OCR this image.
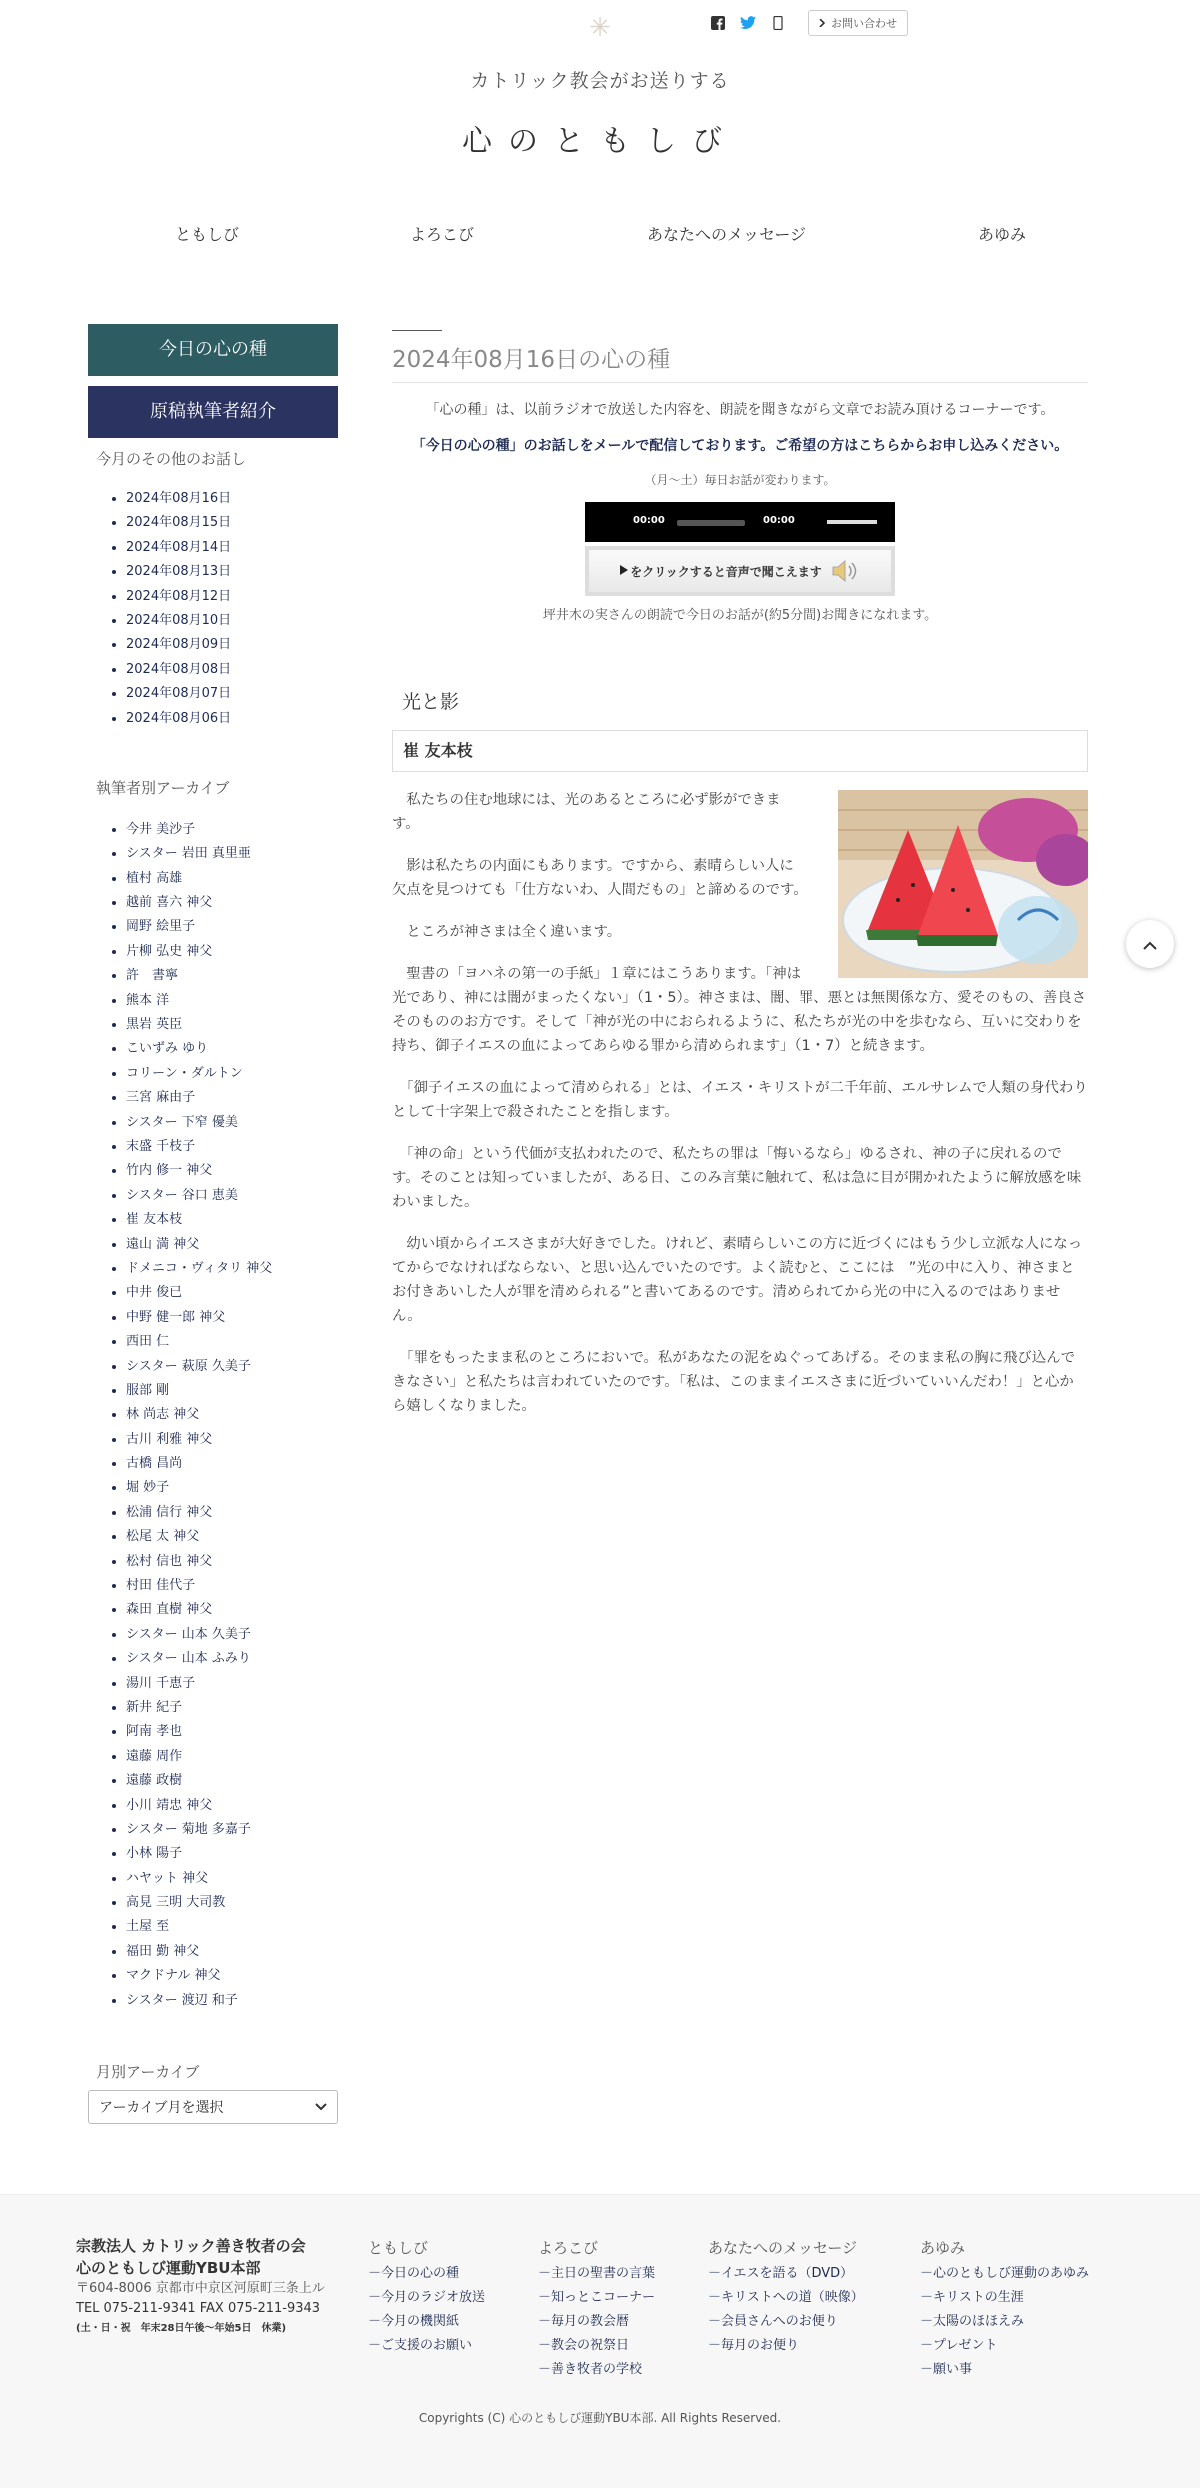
✳	お問い合わせ
カトリック教会がお送りする
心のともしび
ともしび	よろこび	あなたへのメッセージ	あゆみ
今日の心の種
原稿執筆者紹介
今月のその他のお話し
• 2024年08月16日
• 2024年08月15日
• 2024年08月14日
• 2024年08月13日
• 2024年08月12日
• 2024年08月10日
• 2024年08月09日
• 2024年08月08日
• 2024年08月07日
• 2024年08月06日
執筆者別アーカイブ
• 今井 美沙子
• シスター 岩田 真里亜
• 植村 高雄
• 越前 喜六 神父
• 岡野 絵里子
• 片柳 弘史 神父
• 許　書寧
• 熊本 洋
• 黒岩 英臣
• こいずみ ゆり
• コリーン・ダルトン
• 三宮 麻由子
• シスター 下窄 優美
• 末盛 千枝子
• 竹内 修一 神父
• シスター 谷口 恵美
• 崔 友本枝
• 遠山 満 神父
• ドメニコ・ヴィタリ 神父
• 中井 俊已
• 中野 健一郎 神父
• 西田 仁
• シスター 萩原 久美子
• 服部 剛
• 林 尚志 神父
• 古川 利雅 神父
• 古橋 昌尚
• 堀 妙子
• 松浦 信行 神父
• 松尾 太 神父
• 松村 信也 神父
• 村田 佳代子
• 森田 直樹 神父
• シスター 山本 久美子
• シスター 山本 ふみり
• 湯川 千恵子
• 新井 紀子
• 阿南 孝也
• 遠藤 周作
• 遠藤 政樹
• 小川 靖忠 神父
• シスター 菊地 多嘉子
• 小林 陽子
• ハヤット 神父
• 高見 三明 大司教
• 土屋 至
• 福田 勤 神父
• マクドナル 神父
• シスター 渡辺 和子
月別アーカイブ
アーカイブ月を選択
2024年08月16日の心の種

「心の種」は、以前ラジオで放送した内容を、朗読を聞きながら文章でお読み頂けるコーナーです。

「今日の心の種」のお話しをメールで配信しております。ご希望の方はこちらからお申し込みください。

（月〜土）毎日お話が変わります。

00:00	00:00
をクリックすると音声で聞こえます

坪井木の実さんの朗読で今日のお話が(約5分間)お聞きになれます。

光と影
崔 友本枝

　私たちの住む地球には、光のあるところに必ず影ができます。

　影は私たちの内面にもあります。ですから、素晴らしい人に欠点を見つけても「仕方ないわ、人間だもの」と諦めるのです。

　ところが神さまは全く違います。

　聖書の「ヨハネの第一の手紙」１章にはこうあります。「神は光であり、神には闇がまったくない」（1・5）。神さまは、闇、罪、悪とは無関係な方、愛そのもの、善良さそのもののお方です。そして「神が光の中におられるように、私たちが光の中を歩むなら、互いに交わりを持ち、御子イエスの血によってあらゆる罪から清められます」（1・7）と続きます。

　「御子イエスの血によって清められる」とは、イエス・キリストが二千年前、エルサレムで人類の身代わりとして十字架上で殺されたことを指します。

　「神の命」という代価が支払われたので、私たちの罪は「悔いるなら」ゆるされ、神の子に戻れるのです。そのことは知っていましたが、ある日、このみ言葉に触れて、私は急に目が開かれたように解放感を味わいました。

　幼い頃からイエスさまが大好きでした。けれど、素晴らしいこの方に近づくにはもう少し立派な人になってからでなければならない、と思い込んでいたのです。よく読むと、ここには　”光の中に入り、神さまとお付きあいした人が罪を清められる”と書いてあるのです。清められてから光の中に入るのではありません。

　「罪をもったまま私のところにおいで。私があなたの泥をぬぐってあげる。そのまま私の胸に飛び込んできなさい」と私たちは言われていたのです。「私は、このままイエスさまに近づいていいんだわ！」と心から嬉しくなりました。

宗教法人 カトリック善き牧者の会
心のともしび運動YBU本部
〒604-8006 京都市中京区河原町三条上ル
TEL 075-211-9341 FAX 075-211-9343
(土・日・祝　年末28日午後〜年始5日　休業)
ともしび
－今日の心の種
－今月のラジオ放送
－今月の機関紙
－ご支援のお願い
よろこび
－主日の聖書の言葉
－知っとこコーナー
－毎月の教会暦
－教会の祝祭日
－善き牧者の学校
あなたへのメッセージ
－イエスを語る（DVD）
－キリストへの道（映像）
－会員さんへのお便り
－毎月のお便り
あゆみ
－心のともしび運動のあゆみ
－キリストの生涯
－太陽のほほえみ
－プレゼント
－願い事
Copyrights (C) 心のともしび運動YBU本部. All Rights Reserved.
